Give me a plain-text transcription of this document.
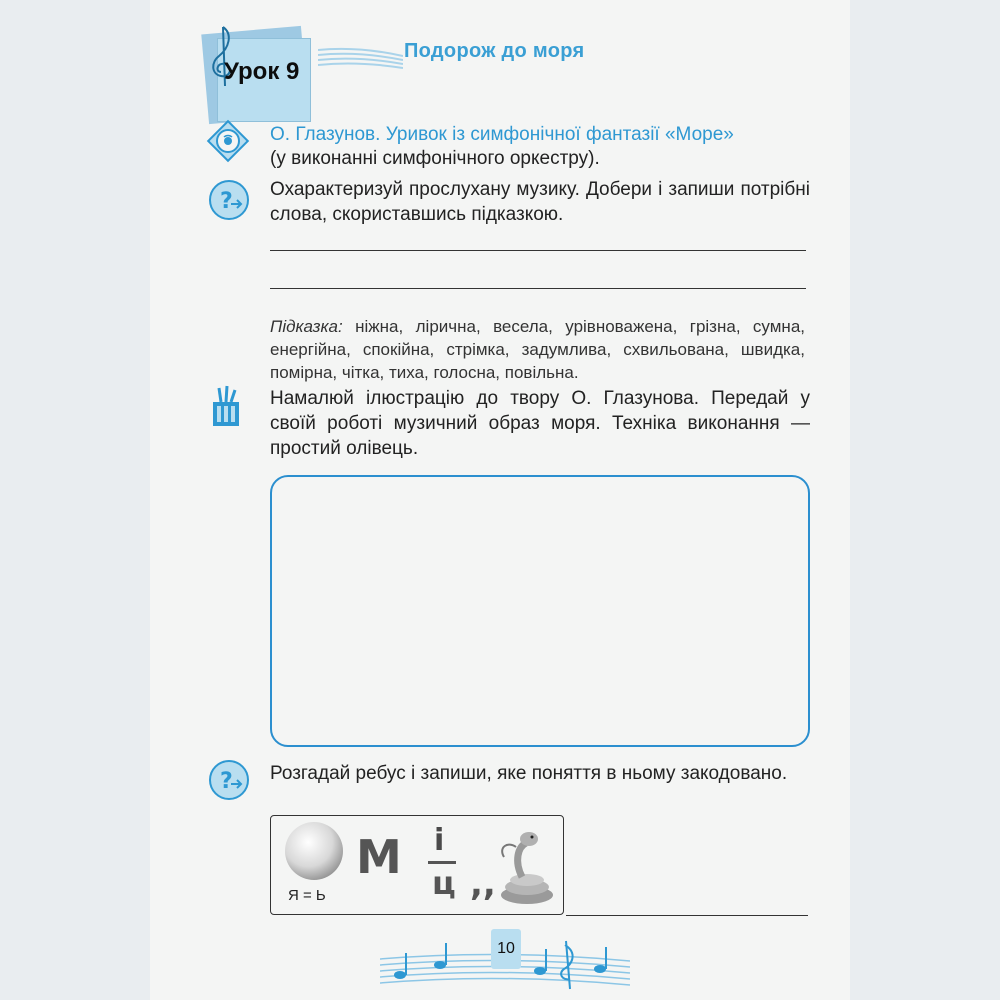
Урок 9
Подорож до моря
О. Глазунов. Уривок із симфонічної фантазії «Море»
(у виконанні симфонічного оркестру).
? Охарактеризуй прослухану музику. Добери і запиши потрібні слова, скориставшись підказкою.
Підказка: ніжна, лірична, весела, урівноважена, грізна, сумна, енергійна, спокійна, стрімка, задумлива, схвильована, швидка, помірна, чітка, тиха, голосна, повільна.
Намалюй ілюстрацію до твору О. Глазунова. Передай у своїй роботі музичний образ моря. Техніка виконання — простий олівець.
? Розгадай ребус і запиши, яке поняття в ньому закодовано.
Я = Ь
М і
ц ,,
10
